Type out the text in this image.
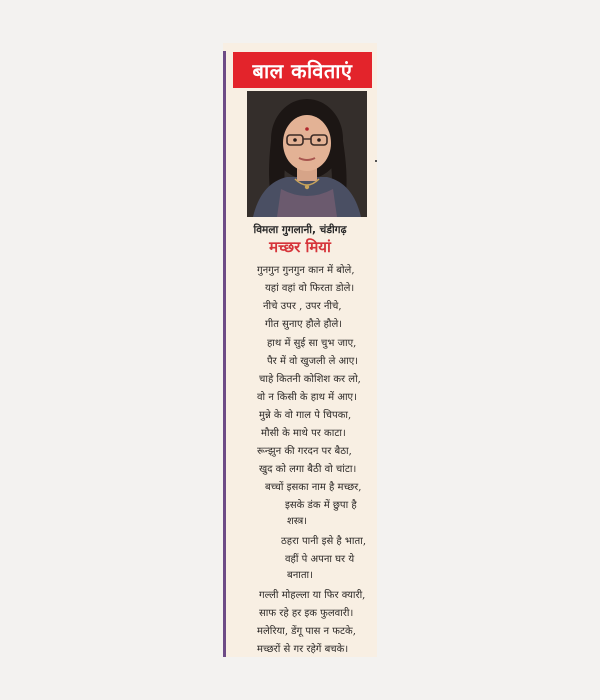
बाल कविताएं
विमला गुगलानी, चंडीगढ़
मच्छर मियां
गुनगुन गुनगुन कान में बोले,
यहां वहां वो फिरता डोले।
नीचे उपर , उपर नीचे,
गीत सुनाए हौले हौले।
हाथ में सुई सा चुभ जाए,
पैर में वो खुजली ले आए।
चाहे कितनी कोशिश कर लो,
वो न किसी के हाथ में आए।
मुन्ने के वो गाल पे चिपका,
मौसी के माथे पर काटा।
रून्झुन की गरदन पर बैठा,
खुद को लगा बैठी वो चांटा।
बच्चों इसका नाम है मच्छर,
इसके डंक में छुपा है
शस्त्र।
ठहरा पानी इसे है भाता,
वहीं पे अपना घर ये
बनाता।
गल्ली मोहल्ला या फिर क्यारी,
साफ रहे हर इक फुलवारी।
मलेरिया, डेंगू पास न फटके,
मच्छरों से गर रहेगें बचके।
